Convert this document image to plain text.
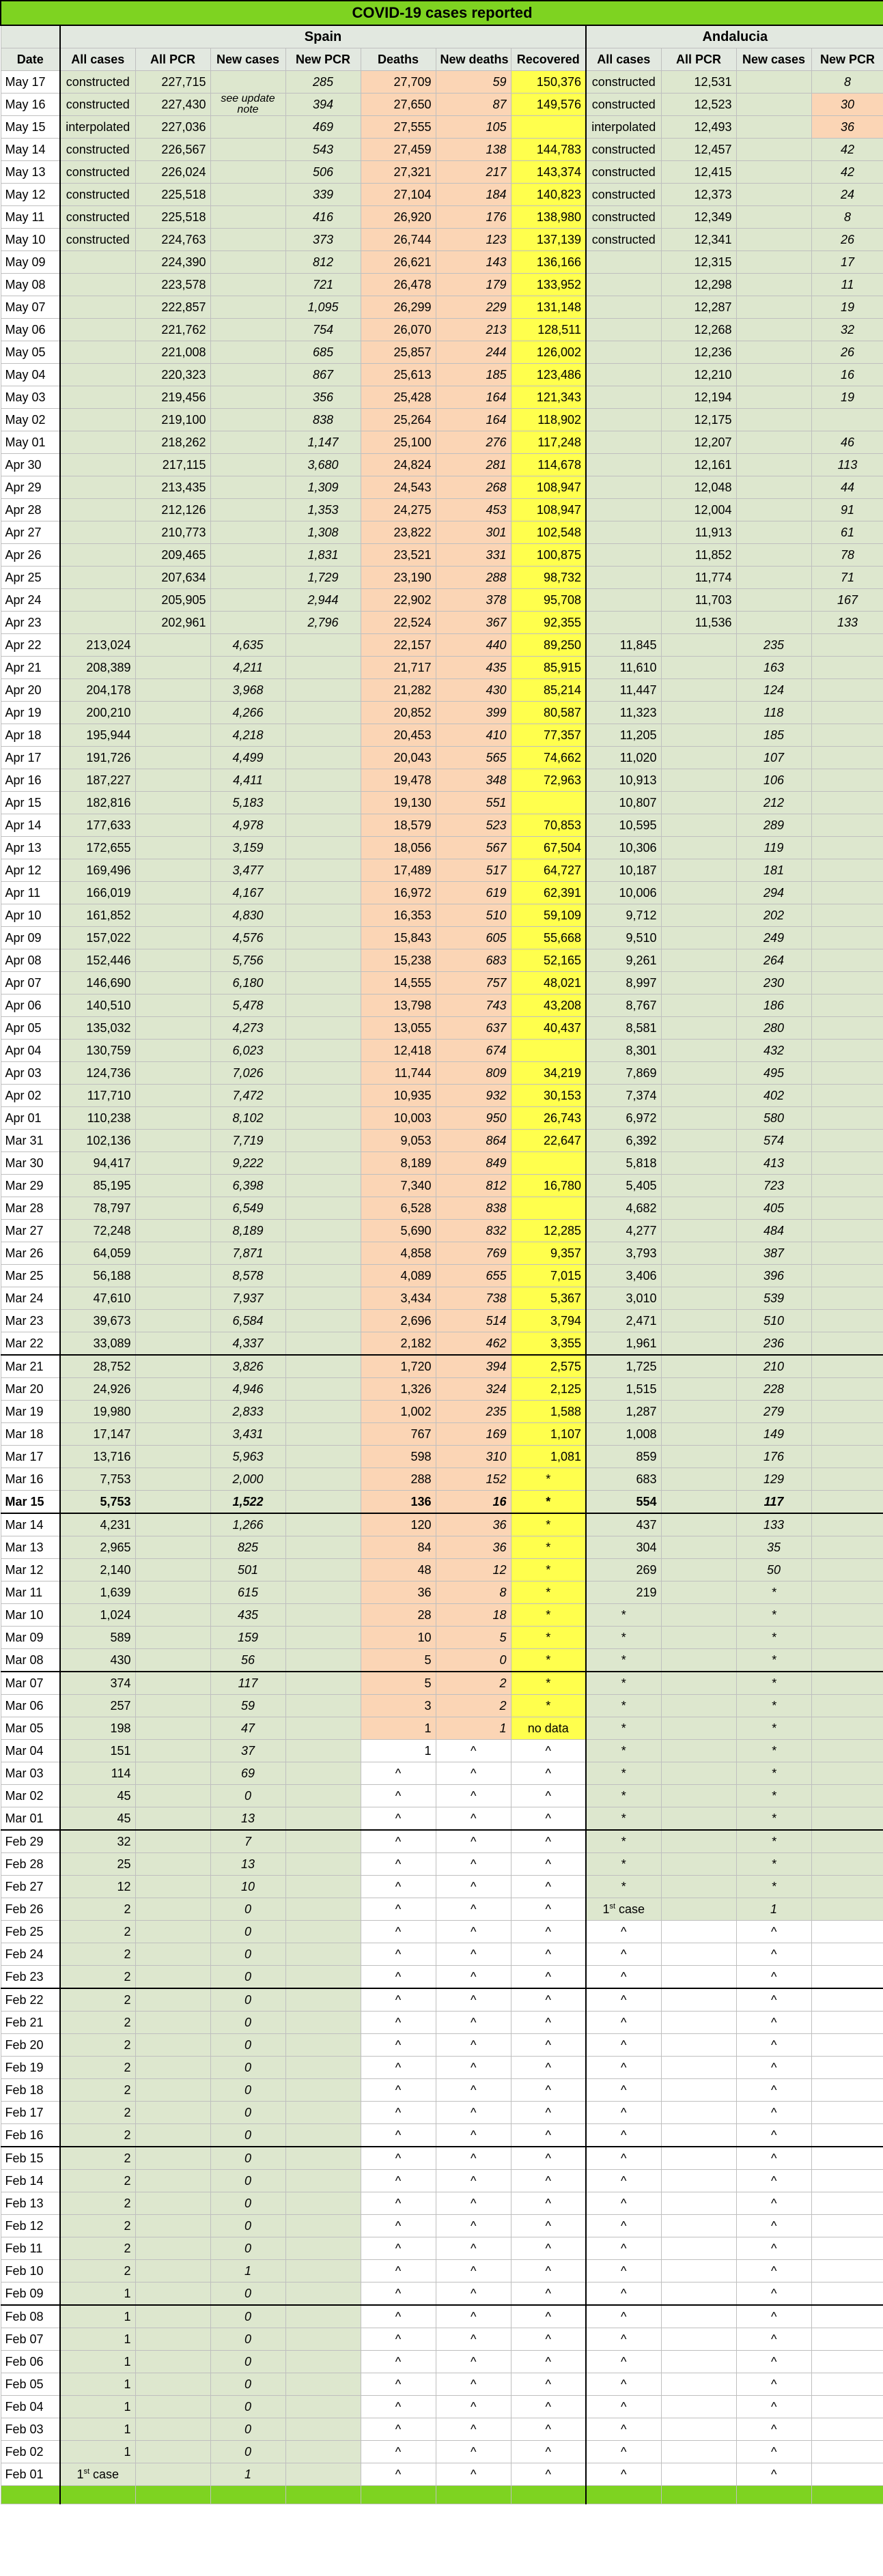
COVID-19 cases reported											
	Spain							Andalucia			
Date	All cases	All PCR	New cases	New PCR	Deaths	New deaths	Recovered	All cases	All PCR	New cases	New PCR
May 17	constructed	227,715		285	27,709	59	150,376	constructed	12,531		8
May 16	constructed	227,430	see update note	394	27,650	87	149,576	constructed	12,523		30
May 15	interpolated	227,036		469	27,555	105		interpolated	12,493		36
May 14	constructed	226,567		543	27,459	138	144,783	constructed	12,457		42
May 13	constructed	226,024		506	27,321	217	143,374	constructed	12,415		42
May 12	constructed	225,518		339	27,104	184	140,823	constructed	12,373		24
May 11	constructed	225,518		416	26,920	176	138,980	constructed	12,349		8
May 10	constructed	224,763		373	26,744	123	137,139	constructed	12,341		26
May 09		224,390		812	26,621	143	136,166		12,315		17
May 08		223,578		721	26,478	179	133,952		12,298		11
May 07		222,857		1,095	26,299	229	131,148		12,287		19
May 06		221,762		754	26,070	213	128,511		12,268		32
May 05		221,008		685	25,857	244	126,002		12,236		26
May 04		220,323		867	25,613	185	123,486		12,210		16
May 03		219,456		356	25,428	164	121,343		12,194		19
May 02		219,100		838	25,264	164	118,902		12,175		
May 01		218,262		1,147	25,100	276	117,248		12,207		46
Apr 30		217,115		3,680	24,824	281	114,678		12,161		113
Apr 29		213,435		1,309	24,543	268	108,947		12,048		44
Apr 28		212,126		1,353	24,275	453	108,947		12,004		91
Apr 27		210,773		1,308	23,822	301	102,548		11,913		61
Apr 26		209,465		1,831	23,521	331	100,875		11,852		78
Apr 25		207,634		1,729	23,190	288	98,732		11,774		71
Apr 24		205,905		2,944	22,902	378	95,708		11,703		167
Apr 23		202,961		2,796	22,524	367	92,355		11,536		133
Apr 22	213,024		4,635		22,157	440	89,250	11,845		235	
Apr 21	208,389		4,211		21,717	435	85,915	11,610		163	
Apr 20	204,178		3,968		21,282	430	85,214	11,447		124	
Apr 19	200,210		4,266		20,852	399	80,587	11,323		118	
Apr 18	195,944		4,218		20,453	410	77,357	11,205		185	
Apr 17	191,726		4,499		20,043	565	74,662	11,020		107	
Apr 16	187,227		4,411		19,478	348	72,963	10,913		106	
Apr 15	182,816		5,183		19,130	551		10,807		212	
Apr 14	177,633		4,978		18,579	523	70,853	10,595		289	
Apr 13	172,655		3,159		18,056	567	67,504	10,306		119	
Apr 12	169,496		3,477		17,489	517	64,727	10,187		181	
Apr 11	166,019		4,167		16,972	619	62,391	10,006		294	
Apr 10	161,852		4,830		16,353	510	59,109	9,712		202	
Apr 09	157,022		4,576		15,843	605	55,668	9,510		249	
Apr 08	152,446		5,756		15,238	683	52,165	9,261		264	
Apr 07	146,690		6,180		14,555	757	48,021	8,997		230	
Apr 06	140,510		5,478		13,798	743	43,208	8,767		186	
Apr 05	135,032		4,273		13,055	637	40,437	8,581		280	
Apr 04	130,759		6,023		12,418	674		8,301		432	
Apr 03	124,736		7,026		11,744	809	34,219	7,869		495	
Apr 02	117,710		7,472		10,935	932	30,153	7,374		402	
Apr 01	110,238		8,102		10,003	950	26,743	6,972		580	
Mar 31	102,136		7,719		9,053	864	22,647	6,392		574	
Mar 30	94,417		9,222		8,189	849		5,818		413	
Mar 29	85,195		6,398		7,340	812	16,780	5,405		723	
Mar 28	78,797		6,549		6,528	838		4,682		405	
Mar 27	72,248		8,189		5,690	832	12,285	4,277		484	
Mar 26	64,059		7,871		4,858	769	9,357	3,793		387	
Mar 25	56,188		8,578		4,089	655	7,015	3,406		396	
Mar 24	47,610		7,937		3,434	738	5,367	3,010		539	
Mar 23	39,673		6,584		2,696	514	3,794	2,471		510	
Mar 22	33,089		4,337		2,182	462	3,355	1,961		236	
Mar 21	28,752		3,826		1,720	394	2,575	1,725		210	
Mar 20	24,926		4,946		1,326	324	2,125	1,515		228	
Mar 19	19,980		2,833		1,002	235	1,588	1,287		279	
Mar 18	17,147		3,431		767	169	1,107	1,008		149	
Mar 17	13,716		5,963		598	310	1,081	859		176	
Mar 16	7,753		2,000		288	152	*	683		129	
Mar 15	5,753		1,522		136	16	*	554		117	
Mar 14	4,231		1,266		120	36	*	437		133	
Mar 13	2,965		825		84	36	*	304		35	
Mar 12	2,140		501		48	12	*	269		50	
Mar 11	1,639		615		36	8	*	219		*	
Mar 10	1,024		435		28	18	*	*		*	
Mar 09	589		159		10	5	*	*		*	
Mar 08	430		56		5	0	*	*		*	
Mar 07	374		117		5	2	*	*		*	
Mar 06	257		59		3	2	*	*		*	
Mar 05	198		47		1	1	no data	*		*	
Mar 04	151		37		1	^	^	*		*	
Mar 03	114		69		^	^	^	*		*	
Mar 02	45		0		^	^	^	*		*	
Mar 01	45		13		^	^	^	*		*	
Feb 29	32		7		^	^	^	*		*	
Feb 28	25		13		^	^	^	*		*	
Feb 27	12		10		^	^	^	*		*	
Feb 26	2		0		^	^	^	1st case		1	
Feb 25	2		0		^	^	^	^		^	
Feb 24	2		0		^	^	^	^		^	
Feb 23	2		0		^	^	^	^		^	
Feb 22	2		0		^	^	^	^		^	
Feb 21	2		0		^	^	^	^		^	
Feb 20	2		0		^	^	^	^		^	
Feb 19	2		0		^	^	^	^		^	
Feb 18	2		0		^	^	^	^		^	
Feb 17	2		0		^	^	^	^		^	
Feb 16	2		0		^	^	^	^		^	
Feb 15	2		0		^	^	^	^		^	
Feb 14	2		0		^	^	^	^		^	
Feb 13	2		0		^	^	^	^		^	
Feb 12	2		0		^	^	^	^		^	
Feb 11	2		0		^	^	^	^		^	
Feb 10	2		1		^	^	^	^		^	
Feb 09	1		0		^	^	^	^		^	
Feb 08	1		0		^	^	^	^		^	
Feb 07	1		0		^	^	^	^		^	
Feb 06	1		0		^	^	^	^		^	
Feb 05	1		0		^	^	^	^		^	
Feb 04	1		0		^	^	^	^		^	
Feb 03	1		0		^	^	^	^		^	
Feb 02	1		0		^	^	^	^		^	
Feb 01	1st case		1		^	^	^	^		^	
